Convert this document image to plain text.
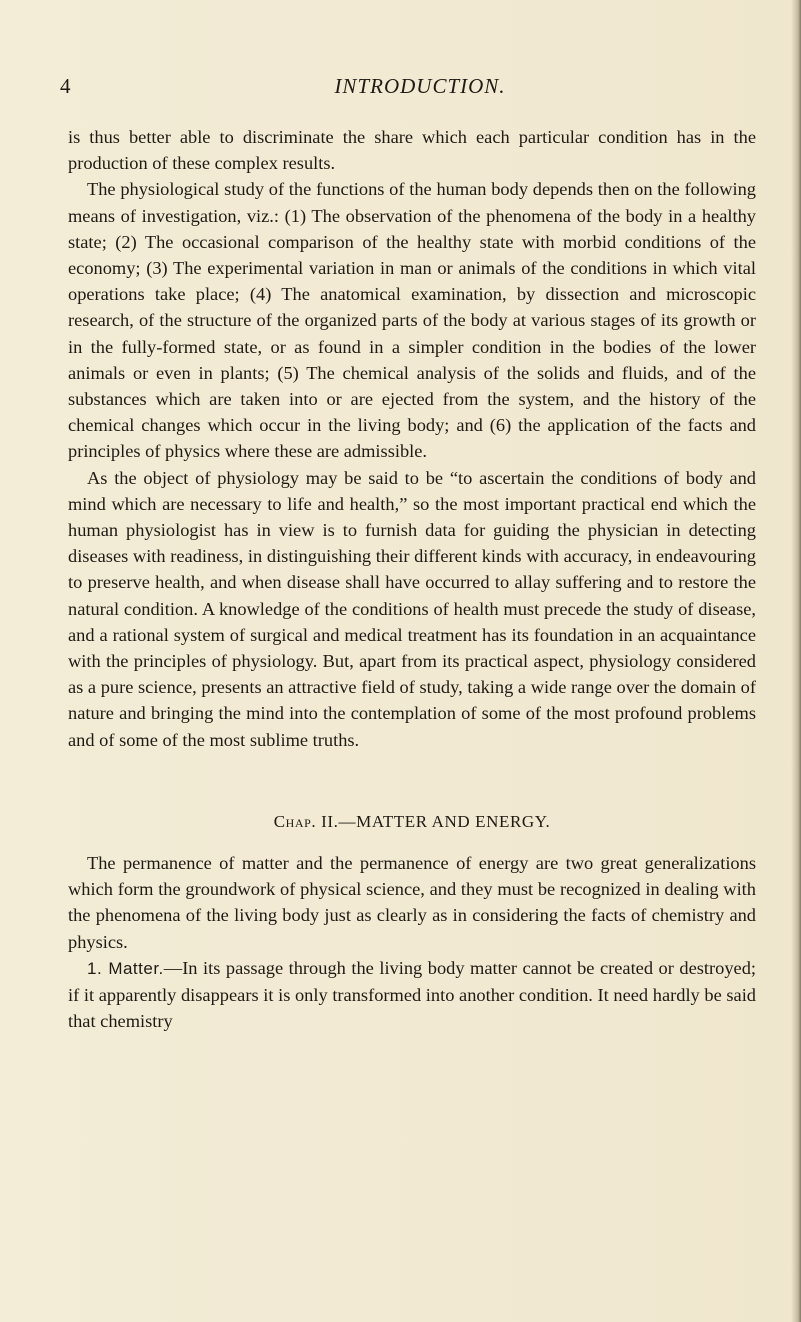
4	INTRODUCTION.

is thus better able to discriminate the share which each particular condition has in the production of these complex results.

The physiological study of the functions of the human body depends then on the following means of investigation, viz.: (1) The observation of the phenomena of the body in a healthy state; (2) The occasional comparison of the healthy state with morbid conditions of the economy; (3) The experimental variation in man or animals of the conditions in which vital operations take place; (4) The anatomical examination, by dissection and microscopic research, of the structure of the organized parts of the body at various stages of its growth or in the fully-formed state, or as found in a simpler condition in the bodies of the lower animals or even in plants; (5) The chemical analysis of the solids and fluids, and of the substances which are taken into or are ejected from the system, and the history of the chemical changes which occur in the living body; and (6) the application of the facts and principles of physics where these are admissible.

As the object of physiology may be said to be “to ascertain the conditions of body and mind which are necessary to life and health,” so the most important practical end which the human physiologist has in view is to furnish data for guiding the physician in detecting diseases with readiness, in distinguishing their different kinds with accuracy, in endeavouring to preserve health, and when disease shall have occurred to allay suffering and to restore the natural condition. A knowledge of the conditions of health must precede the study of disease, and a rational system of surgical and medical treatment has its foundation in an acquaintance with the principles of physiology. But, apart from its practical aspect, physiology considered as a pure science, presents an attractive field of study, taking a wide range over the domain of nature and bringing the mind into the contemplation of some of the most profound problems and of some of the most sublime truths.

Chap. II.—MATTER AND ENERGY.

The permanence of matter and the permanence of energy are two great generalizations which form the groundwork of physical science, and they must be recognized in dealing with the phenomena of the living body just as clearly as in considering the facts of chemistry and physics.

1. Matter.—In its passage through the living body matter cannot be created or destroyed; if it apparently disappears it is only transformed into another condition. It need hardly be said that chemistry
